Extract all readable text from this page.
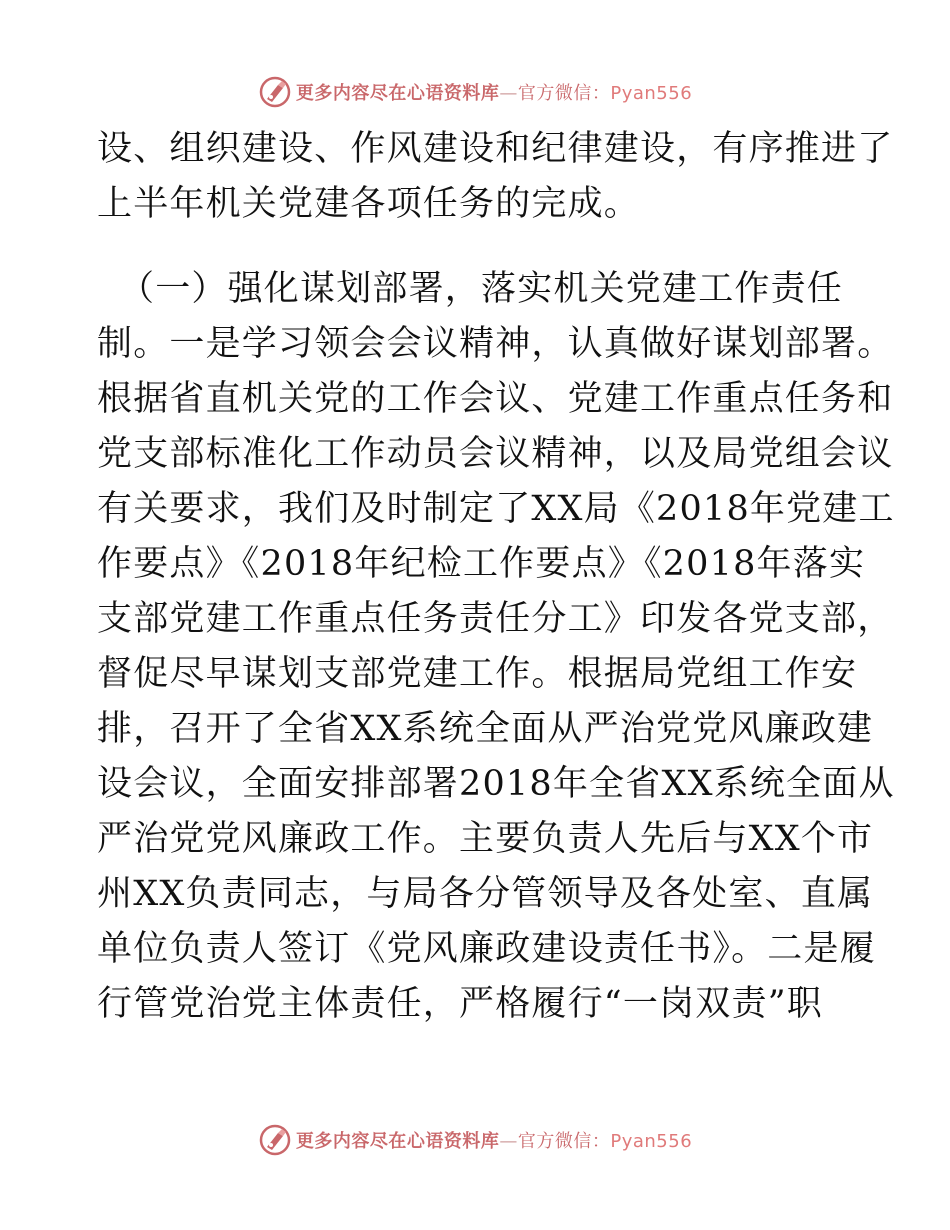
更多内容尽在心语资料库—官方微信：Pyan556
设、组织建设、作风建设和纪律建设，有序推进了
上半年机关党建各项任务的完成。
（一）强化谋划部署，落实机关党建工作责任
制。一是学习领会会议精神，认真做好谋划部署。
根据省直机关党的工作会议、党建工作重点任务和
党支部标准化工作动员会议精神，以及局党组会议
有关要求，我们及时制定了XX局《2018年党建工
作要点》《2018年纪检工作要点》《2018年落实
支部党建工作重点任务责任分工》印发各党支部，
督促尽早谋划支部党建工作。根据局党组工作安
排，召开了全省XX系统全面从严治党党风廉政建
设会议，全面安排部署2018年全省XX系统全面从
严治党党风廉政工作。主要负责人先后与XX个市
州XX负责同志，与局各分管领导及各处室、直属
单位负责人签订《党风廉政建设责任书》。二是履
行管党治党主体责任，严格履行“一岗双责”职
更多内容尽在心语资料库—官方微信：Pyan556
